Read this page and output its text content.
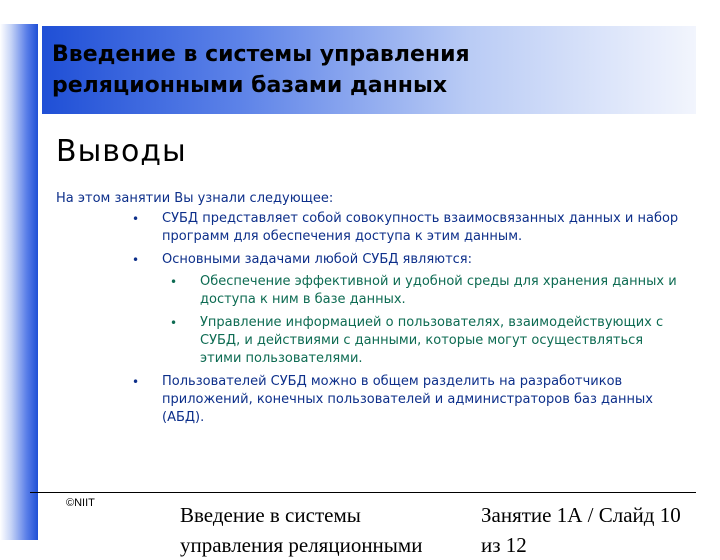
Введение в системы управления
реляционными базами данных
Выводы
На этом занятии Вы узнали следующее:
• СУБД представляет собой совокупность взаимосвязанных данных и набор программ для обеспечения доступа к этим данным.
• Основными задачами любой СУБД являются:
• Обеспечение эффективной и удобной среды для хранения данных и доступа к ним в базе данных.
• Управление информацией о пользователях, взаимодействующих с СУБД, и действиями с данными, которые могут осуществляться этими пользователями.
• Пользователей СУБД можно в общем разделить на разработчиков приложений, конечных пользователей и администраторов баз данных (АБД).
©NIIT	Введение в системы
управления реляционными
Занятие 1А / Слайд 10 из 12
